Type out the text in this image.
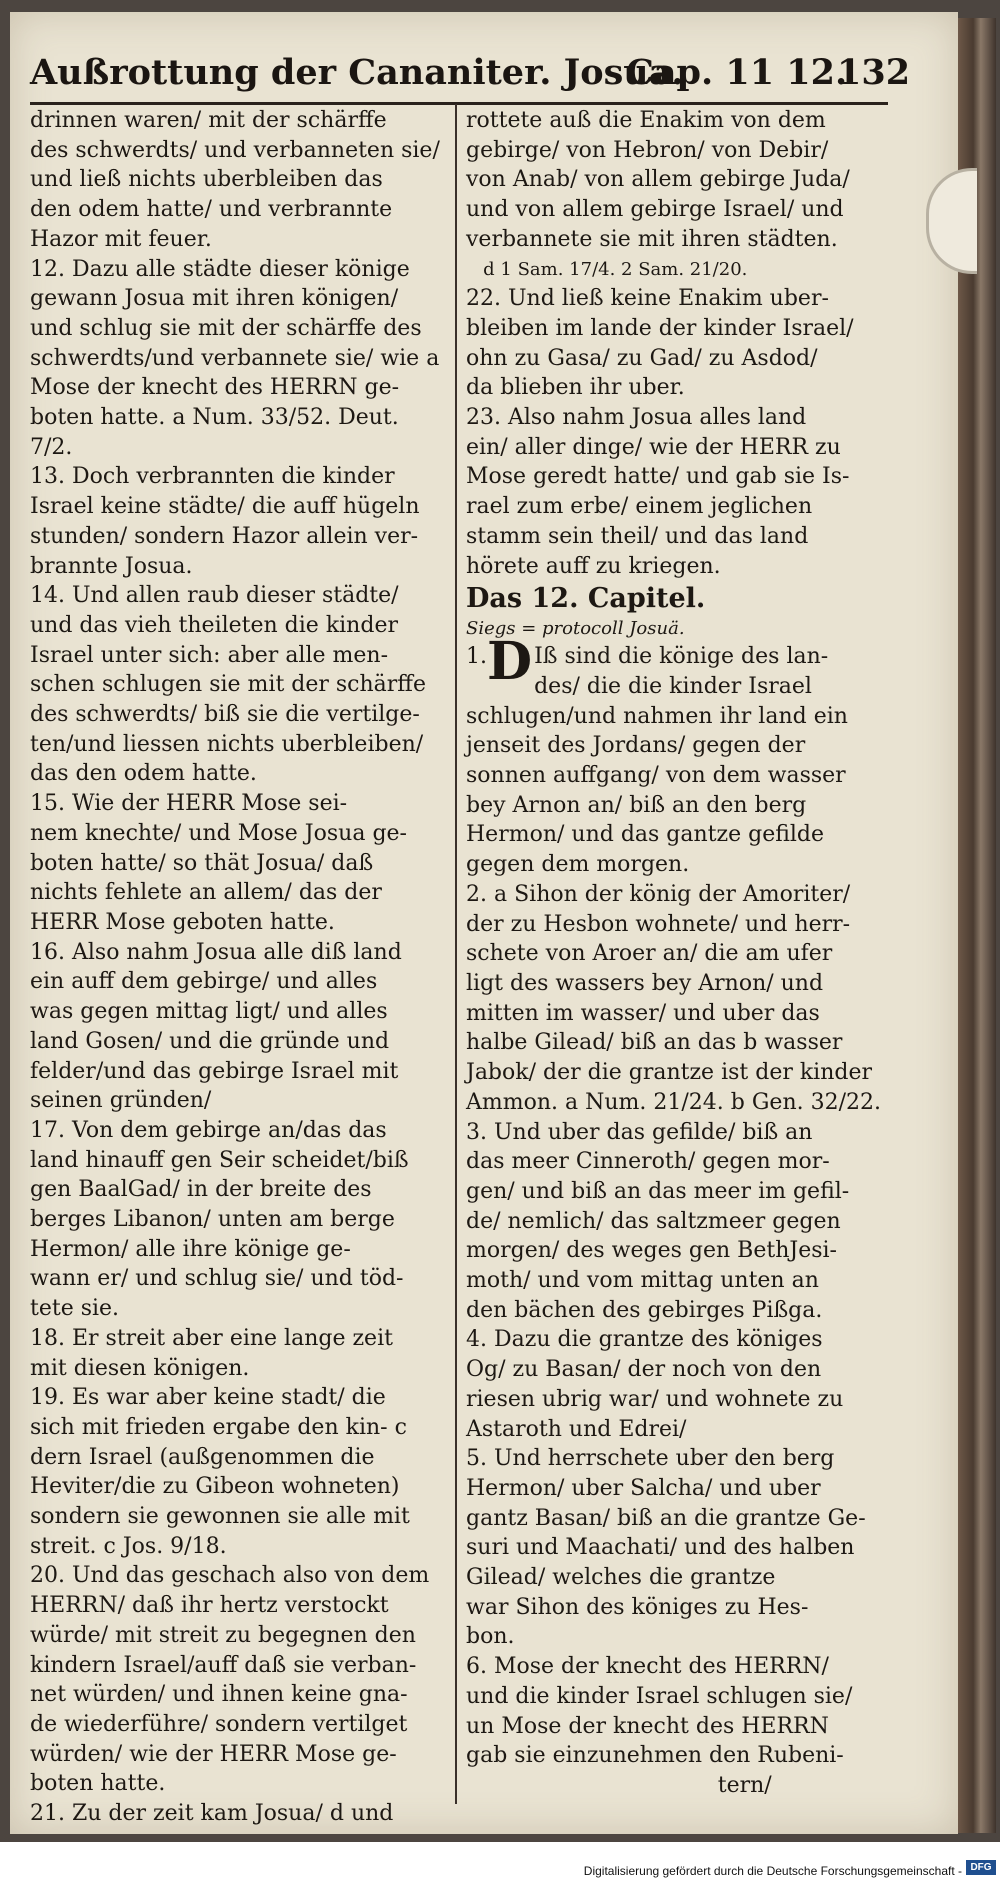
Außrottung der Cananiter. Josua.
Cap. 11 12.
132

drinnen waren/ mit der schärffe
des schwerdts/ und verbanneten sie/
und ließ nichts uberbleiben das
den odem hatte/ und verbrannte
Hazor mit feuer.

12. Dazu alle städte dieser könige
gewann Josua mit ihren königen/
und schlug sie mit der schärffe des
schwerdts/und verbannete sie/ wie a
Mose der knecht des HERRN ge-
boten hatte. a Num. 33/52. Deut. 7/2.

13. Doch verbrannten die kinder
Israel keine städte/ die auff hügeln
stunden/ sondern Hazor allein ver-
brannte Josua.

14. Und allen raub dieser städte/
und das vieh theileten die kinder
Israel unter sich: aber alle men-
schen schlugen sie mit der schärffe
des schwerdts/ biß sie die vertilge-
ten/und liessen nichts uberbleiben/
das den odem hatte.

15. Wie der HERR Mose sei-
nem knechte/ und Mose Josua ge-
boten hatte/ so thät Josua/ daß
nichts fehlete an allem/ das der
HERR Mose geboten hatte.

16. Also nahm Josua alle diß land
ein auff dem gebirge/ und alles
was gegen mittag ligt/ und alles
land Gosen/ und die gründe und
felder/und das gebirge Israel mit
seinen gründen/

17. Von dem gebirge an/das das
land hinauff gen Seir scheidet/biß
gen BaalGad/ in der breite des
berges Libanon/ unten am berge
Hermon/ alle ihre könige ge-
wann er/ und schlug sie/ und töd-
tete sie.

18. Er streit aber eine lange zeit
mit diesen königen.

19. Es war aber keine stadt/ die
sich mit frieden ergabe den kin- c
dern Israel (außgenommen die
Heviter/die zu Gibeon wohneten)
sondern sie gewonnen sie alle mit
streit. c Jos. 9/18.

20. Und das geschach also von dem
HERRN/ daß ihr hertz verstockt
würde/ mit streit zu begegnen den
kindern Israel/auff daß sie verban-
net würden/ und ihnen keine gna-
de wiederführe/ sondern vertilget
würden/ wie der HERR Mose ge-
boten hatte.

21. Zu der zeit kam Josua/ d und

rottete auß die Enakim von dem
gebirge/ von Hebron/ von Debir/
von Anab/ von allem gebirge Juda/
und von allem gebirge Israel/ und
verbannete sie mit ihren städten.

d 1 Sam. 17/4. 2 Sam. 21/20.

22. Und ließ keine Enakim uber-
bleiben im lande der kinder Israel/
ohn zu Gasa/ zu Gad/ zu Asdod/
da blieben ihr uber.

23. Also nahm Josua alles land
ein/ aller dinge/ wie der HERR zu
Mose geredt hatte/ und gab sie Is-
rael zum erbe/ einem jeglichen
stamm sein theil/ und das land
hörete auff zu kriegen.

Das 12. Capitel.

Siegs = protocoll Josuä.

1. D Iß sind die könige des lan-
des/ die die kinder Israel
schlugen/und nahmen ihr land ein
jenseit des Jordans/ gegen der
sonnen auffgang/ von dem wasser
bey Arnon an/ biß an den berg
Hermon/ und das gantze gefilde
gegen dem morgen.

2. a Sihon der könig der Amoriter/
der zu Hesbon wohnete/ und herr-
schete von Aroer an/ die am ufer
ligt des wassers bey Arnon/ und
mitten im wasser/ und uber das
halbe Gilead/ biß an das b wasser
Jabok/ der die grantze ist der kinder
Ammon. a Num. 21/24. b Gen. 32/22.

3. Und uber das gefilde/ biß an
das meer Cinneroth/ gegen mor-
gen/ und biß an das meer im gefil-
de/ nemlich/ das saltzmeer gegen
morgen/ des weges gen BethJesi-
moth/ und vom mittag unten an
den bächen des gebirges Pißga.

4. Dazu die grantze des königes
Og/ zu Basan/ der noch von den
riesen ubrig war/ und wohnete zu
Astaroth und Edrei/

5. Und herrschete uber den berg
Hermon/ uber Salcha/ und uber
gantz Basan/ biß an die grantze Ge-
suri und Maachati/ und des halben
Gilead/ welches die grantze
war Sihon des königes zu Hes-
bon.

6. Mose der knecht des HERRN/
und die kinder Israel schlugen sie/
un Mose der knecht des HERRN
gab sie einzunehmen den Rubeni-
tern/

Digitalisierung gefördert durch die Deutsche Forschungsgemeinschaft - DFG
